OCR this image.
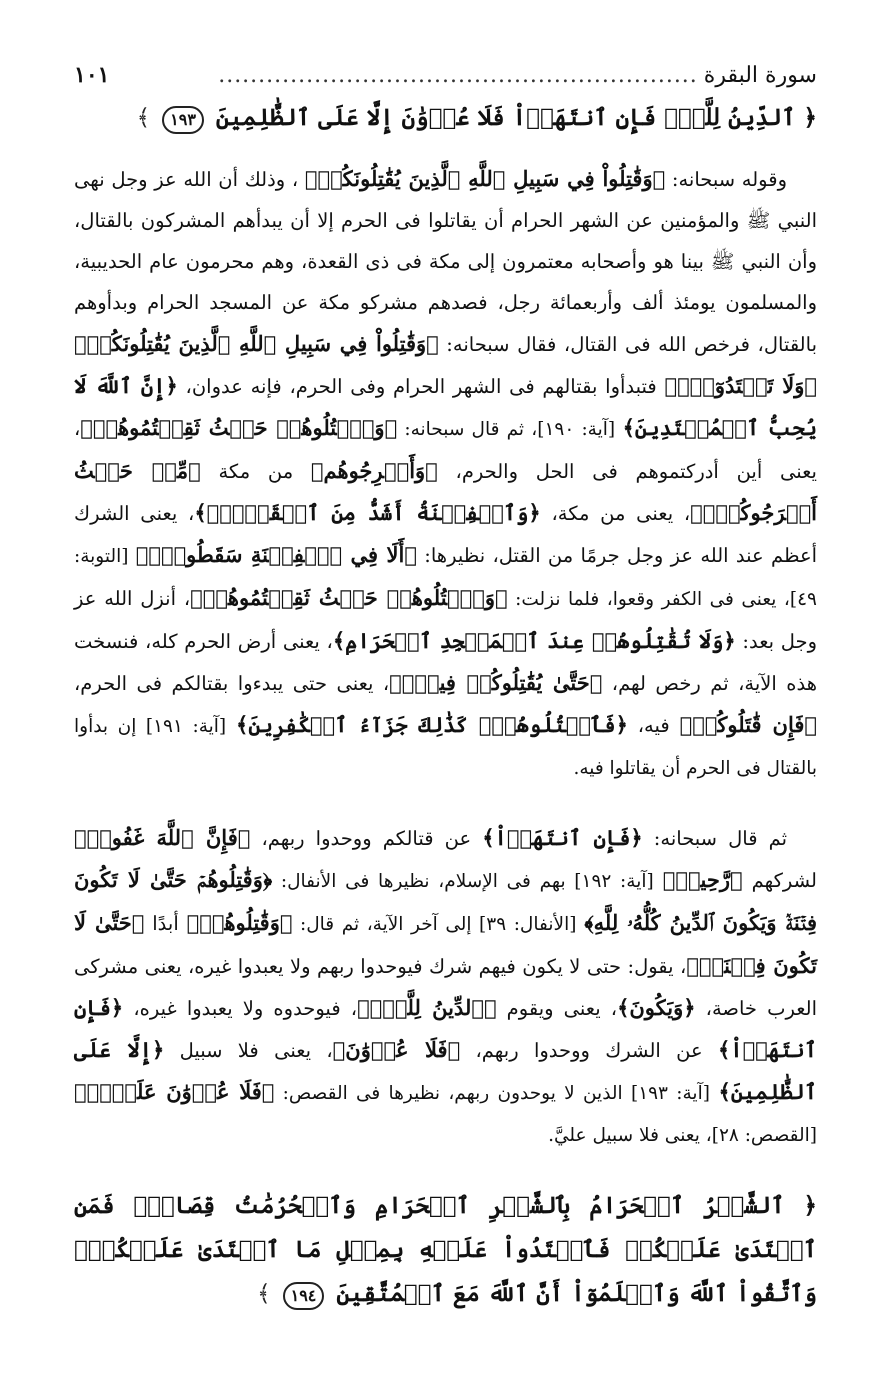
سورة البقرة
............................................................
١٠١
﴿ ٱلدِّينُ لِلَّهِۖ فَإِنِ ٱنتَهَوۡاْ فَلَا عُدۡوَٰنَ إِلَّا عَلَى ٱلظَّٰلِمِينَ ١٩٣ ﴾

وقوله سبحانه: ﴿وَقَٰتِلُواْ فِي سَبِيلِ ٱللَّهِ ٱلَّذِينَ يُقَٰتِلُونَكُمۡ﴾ ، وذلك أن الله عز وجل نهى النبي ﷺ والمؤمنين عن الشهر الحرام أن يقاتلوا فى الحرم إلا أن يبدأهم المشركون بالقتال، وأن النبي ﷺ بينا هو وأصحابه معتمرون إلى مكة فى ذى القعدة، وهم محرمون عام الحديبية، والمسلمون يومئذ ألف وأربعمائة رجل، فصدهم مشركو مكة عن المسجد الحرام وبدأوهم بالقتال، فرخص الله فى القتال، فقال سبحانه: ﴿وَقَٰتِلُواْ فِي سَبِيلِ ٱللَّهِ ٱلَّذِينَ يُقَٰتِلُونَكُمۡ﴾ ﴿وَلَا تَعۡتَدُوٓاْۚ﴾ فتبدأوا بقتالهم فى الشهر الحرام وفى الحرم، فإنه عدوان، ﴿إِنَّ ٱللَّهَ لَا يُحِبُّ ٱلۡمُعۡتَدِينَ﴾ [آية: ١٩٠]، ثم قال سبحانه: ﴿وَٱقۡتُلُوهُمۡ حَيۡثُ ثَقِفۡتُمُوهُمۡ﴾، يعنى أين أدركتموهم فى الحل والحرم، ﴿وَأَخۡرِجُوهُم﴾ من مكة ﴿مِّنۡ حَيۡثُ أَخۡرَجُوكُمۡۚ﴾، يعنى من مكة، ﴿وَٱلۡفِتۡنَةُ أَشَدُّ مِنَ ٱلۡقَتۡلِۚ﴾، يعنى الشرك أعظم عند الله عز وجل جرمًا من القتل، نظيرها: ﴿أَلَا فِي ٱلۡفِتۡنَةِ سَقَطُواْۗ﴾ [التوبة: ٤٩]، يعنى فى الكفر وقعوا، فلما نزلت: ﴿وَٱقۡتُلُوهُمۡ حَيۡثُ ثَقِفۡتُمُوهُمۡ﴾، أنزل الله عز وجل بعد: ﴿وَلَا تُقَٰتِلُوهُمۡ عِندَ ٱلۡمَسۡجِدِ ٱلۡحَرَامِ﴾، يعنى أرض الحرم كله، فنسخت هذه الآية، ثم رخص لهم، ﴿حَتَّىٰ يُقَٰتِلُوكُمۡ فِيهِۖ﴾، يعنى حتى يبدءوا بقتالكم فى الحرم، ﴿فَإِن قَٰتَلُوكُمۡ﴾ فيه، ﴿فَٱقۡتُلُوهُمۡۗ كَذَٰلِكَ جَزَآءُ ٱلۡكَٰفِرِينَ﴾ [آية: ١٩١] إن بدأوا بالقتال فى الحرم أن يقاتلوا فيه.

ثم قال سبحانه: ﴿فَإِنِ ٱنتَهَوۡاْ﴾ عن قتالكم ووحدوا ربهم، ﴿فَإِنَّ ٱللَّهَ غَفُورٞ﴾ لشركهم ﴿رَّحِيمٞ﴾ [آية: ١٩٢] بهم فى الإسلام، نظيرها فى الأنفال: ﴿وَقَٰتِلُوهُمۡ حَتَّىٰ لَا تَكُونَ فِتۡنَةٞ وَيَكُونَ ٱلدِّينُ كُلُّهُۥ لِلَّهِ﴾ [الأنفال: ٣٩] إلى آخر الآية، ثم قال: ﴿وَقَٰتِلُوهُمۡ﴾ أبدًا ﴿حَتَّىٰ لَا تَكُونَ فِتۡنَةٞ﴾، يقول: حتى لا يكون فيهم شرك فيوحدوا ربهم ولا يعبدوا غيره، يعنى مشركى العرب خاصة، ﴿وَيَكُونَ﴾، يعنى ويقوم ﴿ٱلدِّينُ لِلَّهِۖ﴾، فيوحدوه ولا يعبدوا غيره، ﴿فَإِنِ ٱنتَهَوۡاْ﴾ عن الشرك ووحدوا ربهم، ﴿فَلَا عُدۡوَٰنَ﴾، يعنى فلا سبيل ﴿إِلَّا عَلَى ٱلظَّٰلِمِينَ﴾ [آية: ١٩٣] الذين لا يوحدون ربهم، نظيرها فى القصص: ﴿فَلَا عُدۡوَٰنَ عَلَيَّۖ﴾ [القصص: ٢٨]، يعنى فلا سبيل عليَّ.

﴿ ٱلشَّهۡرُ ٱلۡحَرَامُ بِٱلشَّهۡرِ ٱلۡحَرَامِ وَٱلۡحُرُمَٰتُ قِصَاصٞۚ فَمَنِ ٱعۡتَدَىٰ عَلَيۡكُمۡ فَٱعۡتَدُواْ عَلَيۡهِ بِمِثۡلِ مَا ٱعۡتَدَىٰ عَلَيۡكُمۡۚ وَٱتَّقُواْ ٱللَّهَ وَٱعۡلَمُوٓاْ أَنَّ ٱللَّهَ مَعَ ٱلۡمُتَّقِينَ ١٩٤ ﴾
